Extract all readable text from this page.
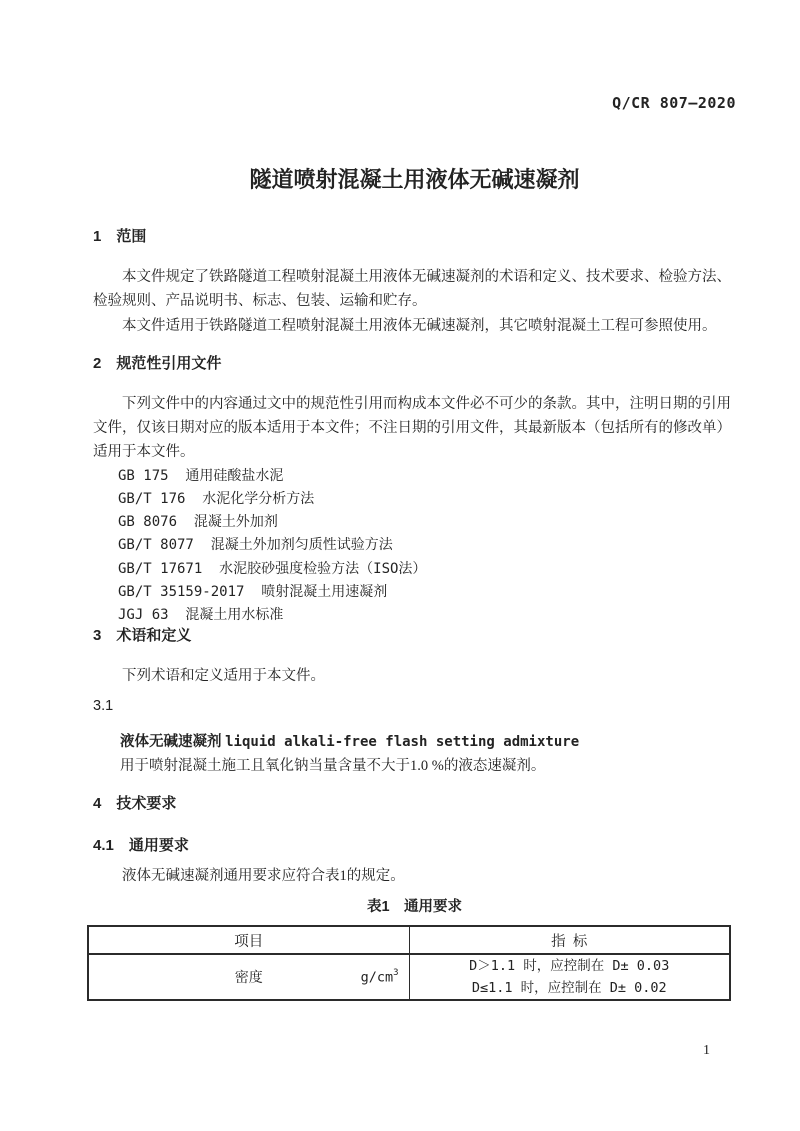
Q/CR 807—2020
隧道喷射混凝土用液体无碱速凝剂
1　范围

本文件规定了铁路隧道工程喷射混凝土用液体无碱速凝剂的术语和定义、技术要求、检验方法、检验规则、产品说明书、标志、包装、运输和贮存。

本文件适用于铁路隧道工程喷射混凝土用液体无碱速凝剂，其它喷射混凝土工程可参照使用。

2　规范性引用文件

下列文件中的内容通过文中的规范性引用而构成本文件必不可少的条款。其中，注明日期的引用文件，仅该日期对应的版本适用于本文件；不注日期的引用文件，其最新版本（包括所有的修改单）适用于本文件。

GB 175  通用硅酸盐水泥
GB/T 176  水泥化学分析方法
GB 8076  混凝土外加剂
GB/T 8077  混凝土外加剂匀质性试验方法
GB/T 17671  水泥胶砂强度检验方法（ISO法）
GB/T 35159-2017  喷射混凝土用速凝剂
JGJ 63  混凝土用水标准
3　术语和定义

下列术语和定义适用于本文件。

3.1
液体无碱速凝剂 liquid alkali-free flash setting admixture

用于喷射混凝土施工且氧化钠当量含量不大于1.0 %的液态速凝剂。

4　技术要求
4.1　通用要求

液体无碱速凝剂通用要求应符合表1的规定。

表1　通用要求
项目	指  标
密度	$g/cm^3$	D＞1.1 时，应控制在 D± 0.03
D≤1.1 时，应控制在 D± 0.02
1
